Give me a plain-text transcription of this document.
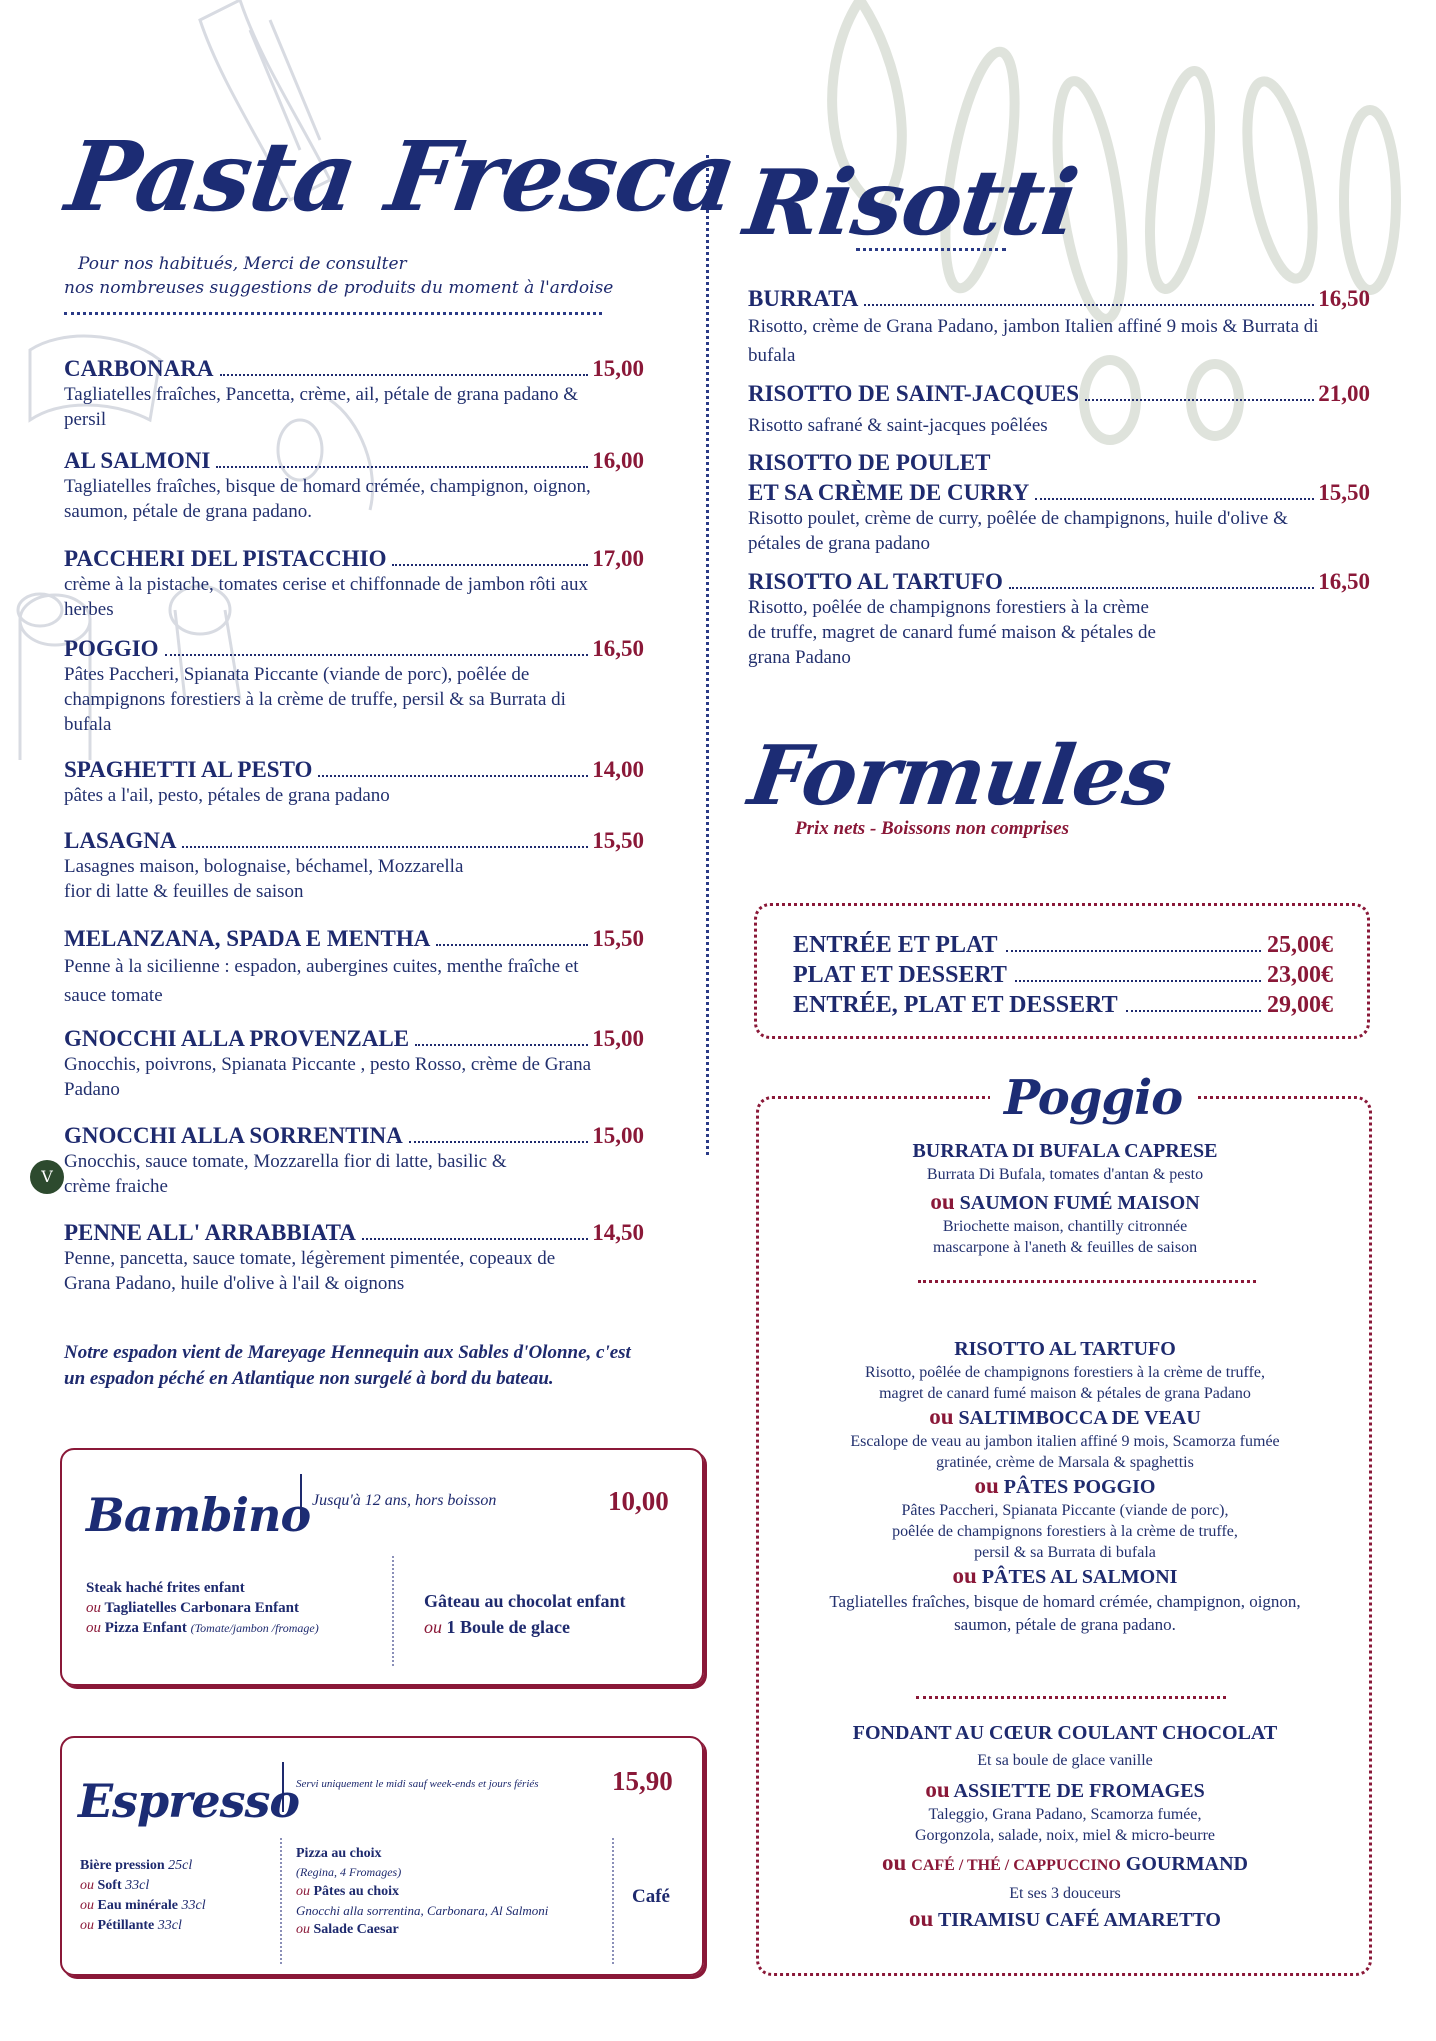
Pasta Fresca
Pour nos habitués, Merci de consulter
nos nombreuses suggestions de produits du moment à l'ardoise
CARBONARA	15,00
Tagliatelles fraîches, Pancetta, crème, ail, pétale de grana padano & persil
AL SALMONI	16,00
Tagliatelles fraîches, bisque de homard crémée, champignon, oignon, saumon, pétale de grana padano.
PACCHERI DEL PISTACCHIO	17,00
crème à la pistache, tomates cerise et chiffonnade de jambon rôti aux herbes
POGGIO	16,50
Pâtes Paccheri, Spianata Piccante (viande de porc), poêlée de champignons forestiers à la crème de truffe, persil & sa Burrata di bufala
SPAGHETTI AL PESTO	14,00
pâtes a l'ail, pesto, pétales de grana padano
LASAGNA	15,50
Lasagnes maison, bolognaise, béchamel, Mozzarella fior di latte & feuilles de saison
MELANZANA, SPADA E MENTHA	15,50
Penne à la sicilienne : espadon, aubergines cuites, menthe fraîche et sauce tomate
GNOCCHI ALLA PROVENZALE	15,00
Gnocchis, poivrons, Spianata Piccante , pesto Rosso, crème de Grana Padano
V
GNOCCHI ALLA SORRENTINA	15,00
Gnocchis, sauce tomate, Mozzarella fior di latte, basilic & crème fraiche
PENNE ALL' ARRABBIATA	14,50
Penne, pancetta, sauce tomate, légèrement pimentée, copeaux de Grana Padano, huile d'olive à l'ail & oignons
Notre espadon vient de Mareyage Hennequin aux Sables d'Olonne, c'est un espadon péché en Atlantique non surgelé à bord du bateau.
Bambino Jusqu'à 12 ans, hors boisson	10,00
Steak haché frites enfant
ou Tagliatelles Carbonara Enfant
ou Pizza Enfant (Tomate/jambon /fromage)
Gâteau au chocolat enfant
ou 1 Boule de glace
Espresso
Servi uniquement le midi sauf week-ends et jours fériés	15,90
Bière pression 25cl
ou Soft 33cl
ou Eau minérale 33cl
ou Pétillante 33cl
Pizza au choix
(Regina, 4 Fromages)
ou Pâtes au choix
Gnocchi alla sorrentina, Carbonara, Al Salmoni
ou Salade Caesar
Café
Risotti
BURRATA	16,50
Risotto, crème de Grana Padano, jambon Italien affiné 9 mois & Burrata di bufala
RISOTTO DE SAINT-JACQUES	21,00
Risotto safrané & saint-jacques poêlées
RISOTTO DE POULET
ET SA CRÈME DE CURRY	15,50
Risotto poulet, crème de curry, poêlée de champignons, huile d'olive & pétales de grana padano
RISOTTO AL TARTUFO	16,50
Risotto, poêlée de champignons forestiers à la crème de truffe, magret de canard fumé maison & pétales de grana Padano
Formules
Prix nets - Boissons non comprises
ENTRÉE ET PLAT	25,00€
PLAT ET DESSERT	23,00€
ENTRÉE, PLAT ET DESSERT	29,00€
Poggio
BURRATA DI BUFALA CAPRESE
Burrata Di Bufala, tomates d'antan & pesto
ou SAUMON FUMÉ MAISON
Briochette maison, chantilly citronnée
mascarpone à l'aneth & feuilles de saison
RISOTTO AL TARTUFO
Risotto, poêlée de champignons forestiers à la crème de truffe,
magret de canard fumé maison & pétales de grana Padano
ou SALTIMBOCCA DE VEAU
Escalope de veau au jambon italien affiné 9 mois, Scamorza fumée
gratinée, crème de Marsala & spaghettis
ou PÂTES POGGIO
Pâtes Paccheri, Spianata Piccante (viande de porc),
poêlée de champignons forestiers à la crème de truffe,
persil & sa Burrata di bufala
ou PÂTES AL SALMONI
Tagliatelles fraîches, bisque de homard crémée, champignon, oignon,
saumon, pétale de grana padano.
FONDANT AU CŒUR COULANT CHOCOLAT
Et sa boule de glace vanille
ou ASSIETTE DE FROMAGES
Taleggio, Grana Padano, Scamorza fumée,
Gorgonzola, salade, noix, miel & micro-beurre
ou CAFÉ / THÉ / CAPPUCCINO GOURMAND
Et ses 3 douceurs
ou TIRAMISU CAFÉ AMARETTO
